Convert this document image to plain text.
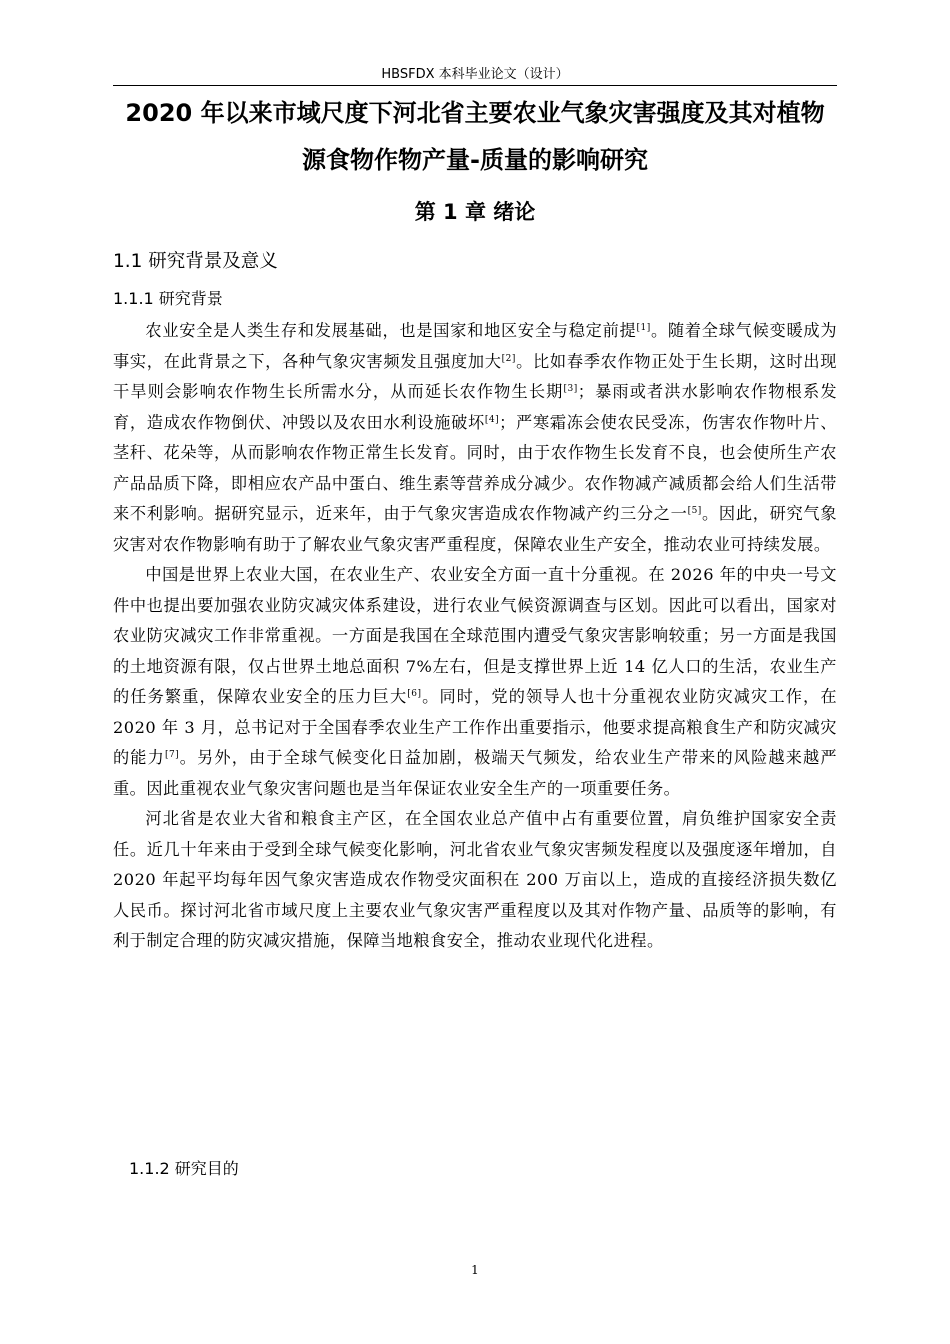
HBSFDX 本科毕业论文（设计）
2020 年以来市域尺度下河北省主要农业气象灾害强度及其对植物
源食物作物产量-质量的影响研究
第 1 章 绪论
1.1 研究背景及意义
1.1.1 研究背景

农业安全是人类生存和发展基础，也是国家和地区安全与稳定前提[1]。随着全球气候变暖成为事实，在此背景之下，各种气象灾害频发且强度加大[2]。比如春季农作物正处于生长期，这时出现干旱则会影响农作物生长所需水分，从而延长农作物生长期[3]；暴雨或者洪水影响农作物根系发育，造成农作物倒伏、冲毁以及农田水利设施破坏[4]；严寒霜冻会使农民受冻，伤害农作物叶片、茎秆、花朵等，从而影响农作物正常生长发育。同时，由于农作物生长发育不良，也会使所生产农产品品质下降，即相应农产品中蛋白、维生素等营养成分减少。农作物减产减质都会给人们生活带来不利影响。据研究显示，近来年，由于气象灾害造成农作物减产约三分之一[5]。因此，研究气象灾害对农作物影响有助于了解农业气象灾害严重程度，保障农业生产安全，推动农业可持续发展。

中国是世界上农业大国，在农业生产、农业安全方面一直十分重视。在 2026 年的中央一号文件中也提出要加强农业防灾减灾体系建设，进行农业气候资源调查与区划。因此可以看出，国家对农业防灾减灾工作非常重视。一方面是我国在全球范围内遭受气象灾害影响较重；另一方面是我国的土地资源有限，仅占世界土地总面积 7%左右，但是支撑世界上近 14 亿人口的生活，农业生产的任务繁重，保障农业安全的压力巨大[6]。同时，党的领导人也十分重视农业防灾减灾工作，在 2020 年 3 月，总书记对于全国春季农业生产工作作出重要指示，他要求提高粮食生产和防灾减灾的能力[7]。另外，由于全球气候变化日益加剧，极端天气频发，给农业生产带来的风险越来越严重。因此重视农业气象灾害问题也是当年保证农业安全生产的一项重要任务。

河北省是农业大省和粮食主产区，在全国农业总产值中占有重要位置，肩负维护国家安全责任。近几十年来由于受到全球气候变化影响，河北省农业气象灾害频发程度以及强度逐年增加，自 2020 年起平均每年因气象灾害造成农作物受灾面积在 200 万亩以上，造成的直接经济损失数亿人民币。探讨河北省市域尺度上主要农业气象灾害严重程度以及其对作物产量、品质等的影响，有利于制定合理的防灾减灾措施，保障当地粮食安全，推动农业现代化进程。

1.1.2 研究目的
1
